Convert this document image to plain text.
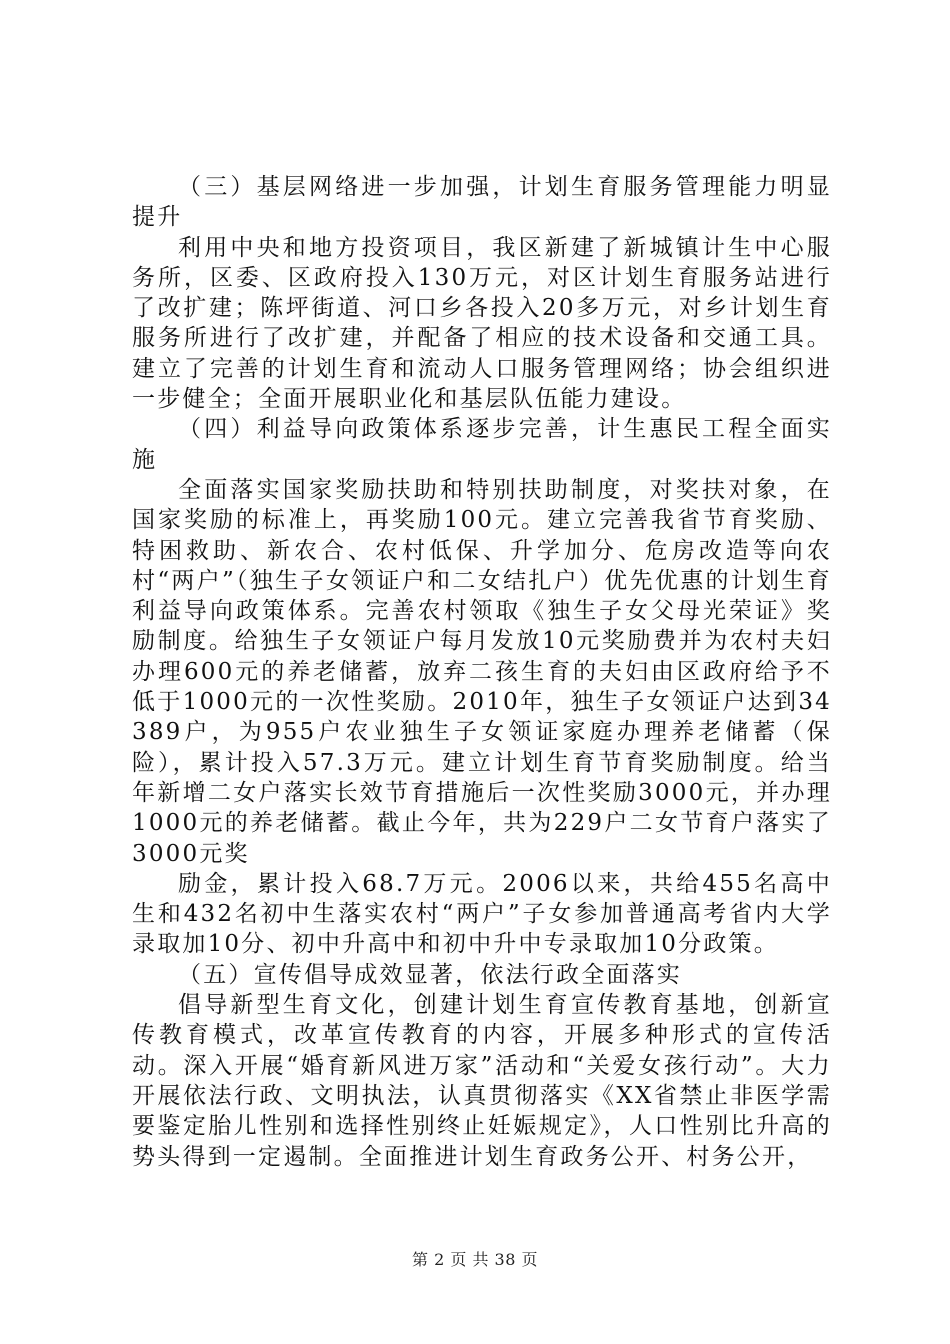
（三）基层网络进一步加强，计划生育服务管理能力明显提升

利用中央和地方投资项目，我区新建了新城镇计生中心服务所，区委、区政府投入130万元，对区计划生育服务站进行了改扩建；陈坪街道、河口乡各投入20多万元，对乡计划生育服务所进行了改扩建，并配备了相应的技术设备和交通工具。建立了完善的计划生育和流动人口服务管理网络；协会组织进一步健全；全面开展职业化和基层队伍能力建设。

（四）利益导向政策体系逐步完善，计生惠民工程全面实施

全面落实国家奖励扶助和特别扶助制度，对奖扶对象，在国家奖励的标准上，再奖励100元。建立完善我省节育奖励、特困救助、新农合、农村低保、升学加分、危房改造等向农村“两户”（独生子女领证户和二女结扎户）优先优惠的计划生育利益导向政策体系。完善农村领取《独生子女父母光荣证》奖励制度。给独生子女领证户每月发放10元奖励费并为农村夫妇办理600元的养老储蓄，放弃二孩生育的夫妇由区政府给予不低于1000元的一次性奖励。2010年，独生子女领证户达到34389户，为955户农业独生子女领证家庭办理养老储蓄（保险），累计投入57.3万元。建立计划生育节育奖励制度。给当年新增二女户落实长效节育措施后一次性奖励3000元，并办理1000元的养老储蓄。截止今年，共为229户二女节育户落实了3000元奖

励金，累计投入68.7万元。2006以来，共给455名高中生和432名初中生落实农村“两户”子女参加普通高考省内大学录取加10分、初中升高中和初中升中专录取加10分政策。

（五）宣传倡导成效显著，依法行政全面落实

倡导新型生育文化，创建计划生育宣传教育基地，创新宣传教育模式，改革宣传教育的内容，开展多种形式的宣传活动。深入开展“婚育新风进万家”活动和“关爱女孩行动”。大力开展依法行政、文明执法，认真贯彻落实《XX省禁止非医学需要鉴定胎儿性别和选择性别终止妊娠规定》，人口性别比升高的势头得到一定遏制。全面推进计划生育政务公开、村务公开，

第 2 页 共 38 页
